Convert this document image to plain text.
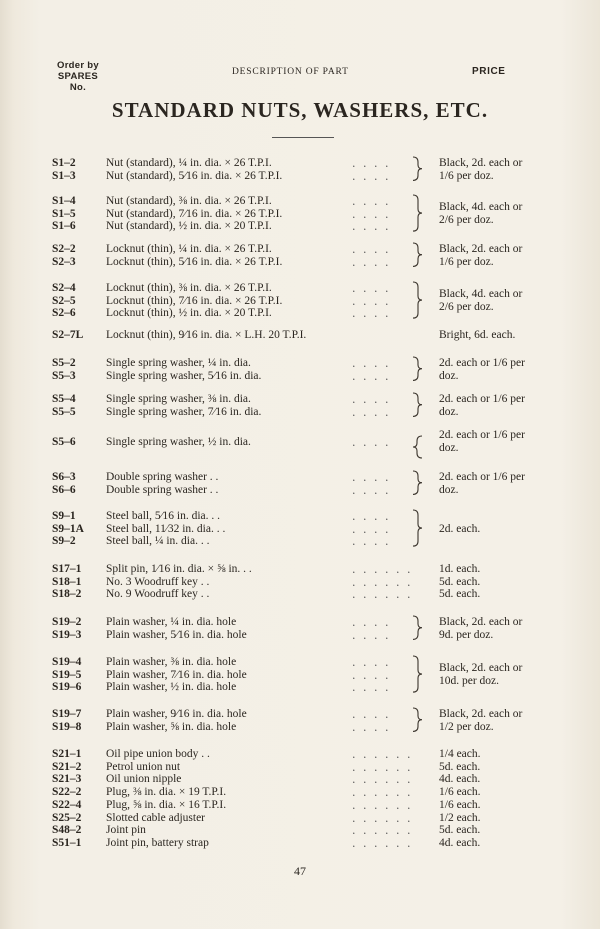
Order by
SPARES
No.
DESCRIPTION OF PART	PRICE
STANDARD NUTS, WASHERS, ETC.
S1–2	Nut (standard), ¼ in. dia. × 26 T.P.I.	. . . .
S1–3	Nut (standard), 5⁄16 in. dia. × 26 T.P.I.	. . . .
Black, 2d. each or
1/6 per doz.
S1–4	Nut (standard), ⅜ in. dia. × 26 T.P.I.	. . . .
S1–5	Nut (standard), 7⁄16 in. dia. × 26 T.P.I.	. . . .
S1–6	Nut (standard), ½ in. dia. × 20 T.P.I.	. . . .
Black, 4d. each or
2/6 per doz.
S2–2	Locknut (thin), ¼ in. dia. × 26 T.P.I.	. . . .
S2–3	Locknut (thin), 5⁄16 in. dia. × 26 T.P.I.	. . . .
Black, 2d. each or
1/6 per doz.
S2–4	Locknut (thin), ⅜ in. dia. × 26 T.P.I.	. . . .
S2–5	Locknut (thin), 7⁄16 in. dia. × 26 T.P.I.	. . . .
S2–6	Locknut (thin), ½ in. dia. × 20 T.P.I.	. . . .
Black, 4d. each or
2/6 per doz.
S2–7L Locknut (thin), 9⁄16 in. dia. × L.H. 20 T.P.I.	Bright, 6d. each.
S5–2	Single spring washer, ¼ in. dia.	. . . .
S5–3	Single spring washer, 5⁄16 in. dia.	. . . .
2d. each or 1/6 per
doz.
S5–4	Single spring washer, ⅜ in. dia.	. . . .
S5–5	Single spring washer, 7⁄16 in. dia.	. . . .
2d. each or 1/6 per
doz.
S5–6	Single spring washer, ½ in. dia.	. . . .
2d. each or 1/6 per
doz.
S6–3	Double spring washer . .	. . . .
S6–6	Double spring washer . .	. . . .
2d. each or 1/6 per
doz.
S9–1	Steel ball, 5⁄16 in. dia. . .	. . . .
S9–1A Steel ball, 11⁄32 in. dia. . .	. . . .
S9–2	Steel ball, ¼ in. dia. . .	. . . .
2d. each.
S17–1 Split pin, 1⁄16 in. dia. × ⅝ in. . .	. . . . . . 1d. each.
S18–1 No. 3 Woodruff key . .	. . . . . . 5d. each.
S18–2 No. 9 Woodruff key . .	. . . . . . 5d. each.
S19–2 Plain washer, ¼ in. dia. hole	. . . .
S19–3 Plain washer, 5⁄16 in. dia. hole	. . . .
Black, 2d. each or
9d. per doz.
S19–4 Plain washer, ⅜ in. dia. hole	. . . .
S19–5 Plain washer, 7⁄16 in. dia. hole	. . . .
S19–6 Plain washer, ½ in. dia. hole	. . . .
Black, 2d. each or
10d. per doz.
S19–7 Plain washer, 9⁄16 in. dia. hole	. . . .
S19–8 Plain washer, ⅝ in. dia. hole	. . . .
Black, 2d. each or
1/2 per doz.
S21–1 Oil pipe union body . .	. . . . . . 1/4 each.
S21–2 Petrol union nut	. . . . . . 5d. each.
S21–3 Oil union nipple	. . . . . . 4d. each.
S22–2 Plug, ⅜ in. dia. × 19 T.P.I.	. . . . . . 1/6 each.
S22–4 Plug, ⅝ in. dia. × 16 T.P.I.	. . . . . . 1/6 each.
S25–2 Slotted cable adjuster	. . . . . . 1/2 each.
S48–2 Joint pin	. . . . . . 5d. each.
S51–1 Joint pin, battery strap	. . . . . . 4d. each.
47
